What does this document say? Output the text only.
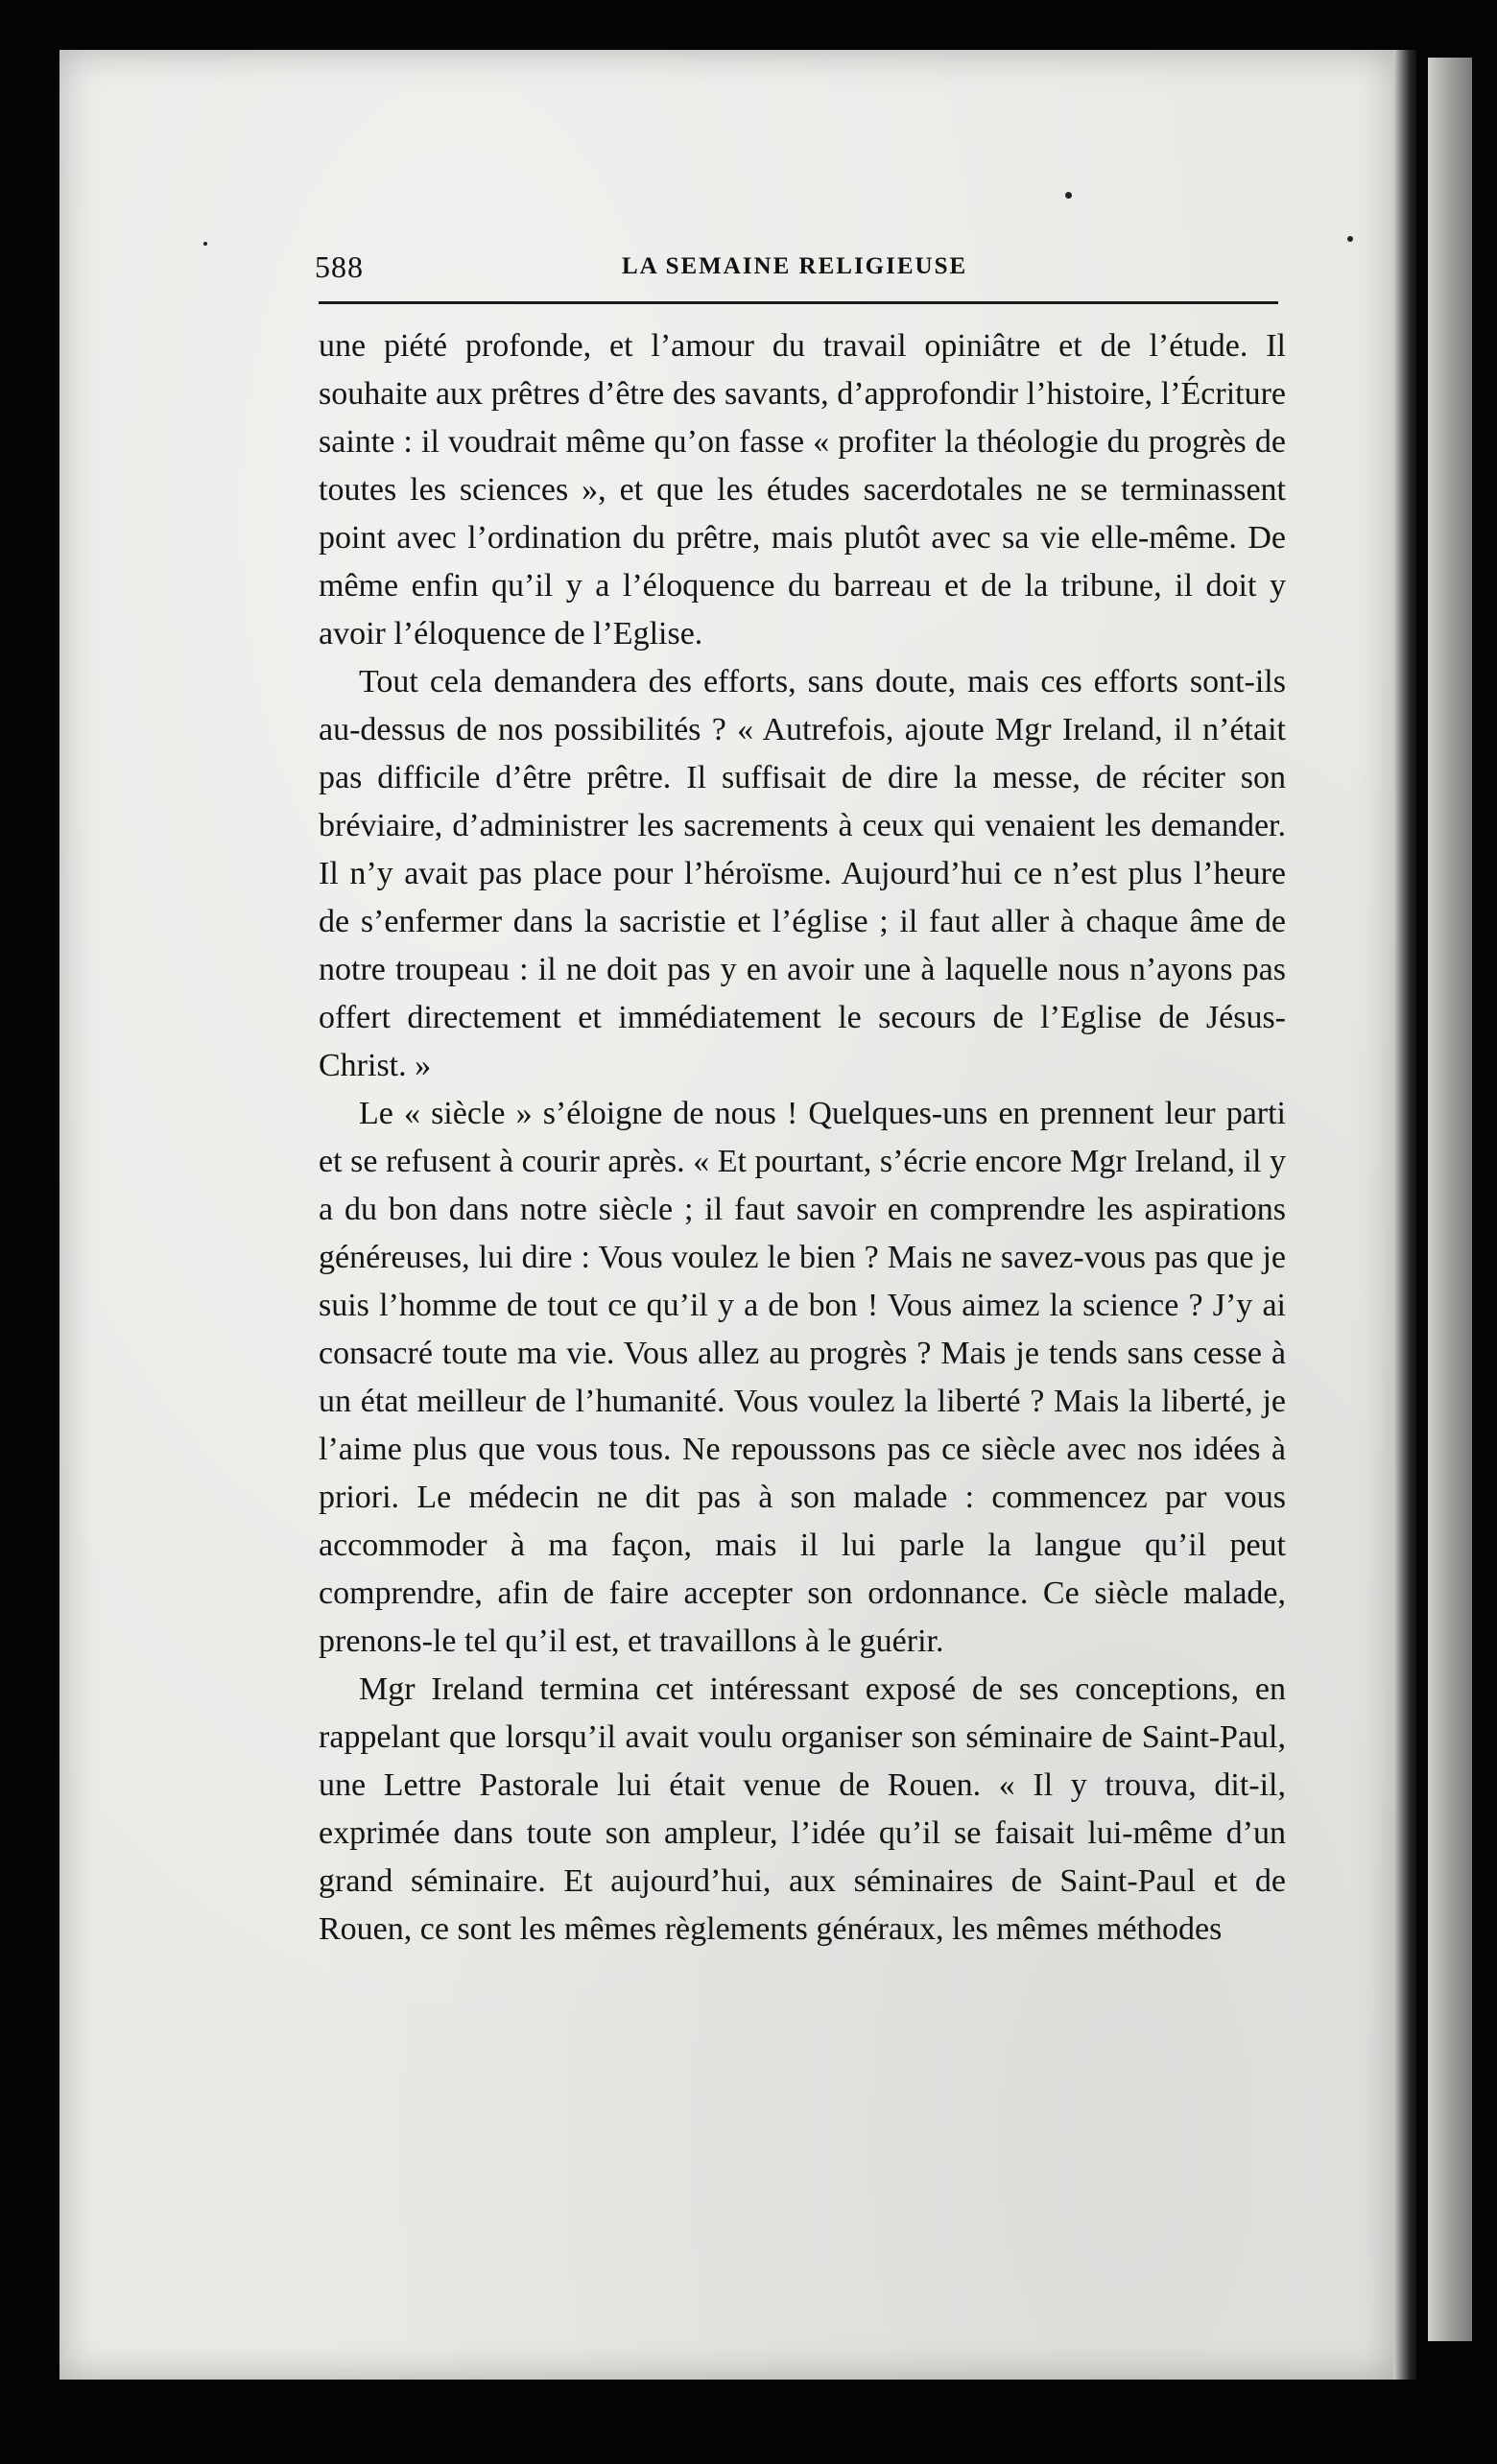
588	LA SEMAINE RELIGIEUSE

une piété profonde, et l’amour du travail opiniâtre et de l’étude. Il souhaite aux prêtres d’être des savants, d’approfondir l’histoire, l’Écriture sainte : il voudrait même qu’on fasse « profiter la théologie du progrès de toutes les sciences », et que les études sacerdotales ne se terminassent point avec l’ordination du prêtre, mais plutôt avec sa vie elle-même. De même enfin qu’il y a l’éloquence du barreau et de la tribune, il doit y avoir l’éloquence de l’Eglise.

Tout cela demandera des efforts, sans doute, mais ces efforts sont-ils au-dessus de nos possibilités ? « Autrefois, ajoute Mgr Ireland, il n’était pas difficile d’être prêtre. Il suffisait de dire la messe, de réciter son bréviaire, d’administrer les sacrements à ceux qui venaient les demander. Il n’y avait pas place pour l’héroïsme. Aujourd’hui ce n’est plus l’heure de s’enfermer dans la sacristie et l’église ; il faut aller à chaque âme de notre troupeau : il ne doit pas y en avoir une à laquelle nous n’ayons pas offert directement et immédiatement le secours de l’Eglise de Jésus-Christ. »

Le « siècle » s’éloigne de nous ! Quelques-uns en prennent leur parti et se refusent à courir après. « Et pourtant, s’écrie encore Mgr Ireland, il y a du bon dans notre siècle ; il faut savoir en comprendre les aspirations généreuses, lui dire : Vous voulez le bien ? Mais ne savez-vous pas que je suis l’homme de tout ce qu’il y a de bon ! Vous aimez la science ? J’y ai consacré toute ma vie. Vous allez au progrès ? Mais je tends sans cesse à un état meilleur de l’humanité. Vous voulez la liberté ? Mais la liberté, je l’aime plus que vous tous. Ne repoussons pas ce siècle avec nos idées à priori. Le médecin ne dit pas à son malade : commencez par vous accommoder à ma façon, mais il lui parle la langue qu’il peut comprendre, afin de faire accepter son ordonnance. Ce siècle malade, prenons-le tel qu’il est, et travaillons à le guérir.

Mgr Ireland termina cet intéressant exposé de ses conceptions, en rappelant que lorsqu’il avait voulu organiser son séminaire de Saint-Paul, une Lettre Pastorale lui était venue de Rouen. « Il y trouva, dit-il, exprimée dans toute son ampleur, l’idée qu’il se faisait lui-même d’un grand séminaire. Et aujourd’hui, aux séminaires de Saint-Paul et de Rouen, ce sont les mêmes règlements généraux, les mêmes méthodes
